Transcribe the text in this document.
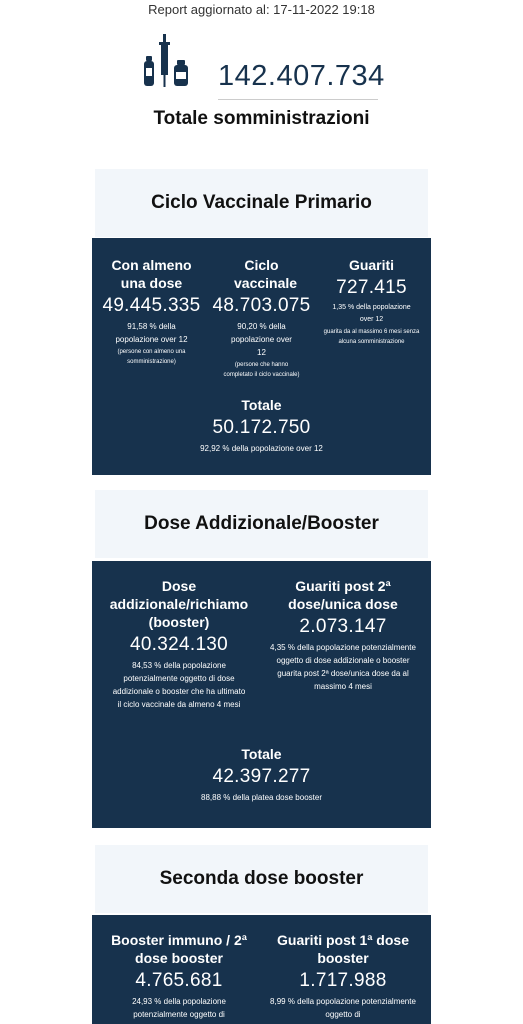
Report aggiornato al: 17-11-2022 19:18
142.407.734
Totale somministrazioni
Ciclo Vaccinale Primario
Con almeno una dose
49.445.335
91,58 % della popolazione over 12
(persone con almeno una somministrazione)
Ciclo vaccinale
48.703.075
90,20 % della popolazione over 12
(persone che hanno completato il ciclo vaccinale)
Guariti
727.415
1,35 % della popolazione over 12
guarita da al massimo 6 mesi senza alcuna somministrazione
Totale
50.172.750
92,92 % della popolazione over 12
Dose Addizionale/Booster
Dose addizionale/richiamo (booster)
40.324.130
84,53 % della popolazione potenzialmente oggetto di dose addizionale o booster che ha ultimato il ciclo vaccinale da almeno 4 mesi
Guariti post 2ª dose/unica dose
2.073.147
4,35 % della popolazione potenzialmente oggetto di dose addizionale o booster guarita post 2ª dose/unica dose da al massimo 4 mesi
Totale
42.397.277
88,88 % della platea dose booster
Seconda dose booster
Booster immuno / 2ª dose booster
4.765.681
24,93 % della popolazione potenzialmente oggetto di
Guariti post 1ª dose booster
1.717.988
8,99 % della popolazione potenzialmente oggetto di
